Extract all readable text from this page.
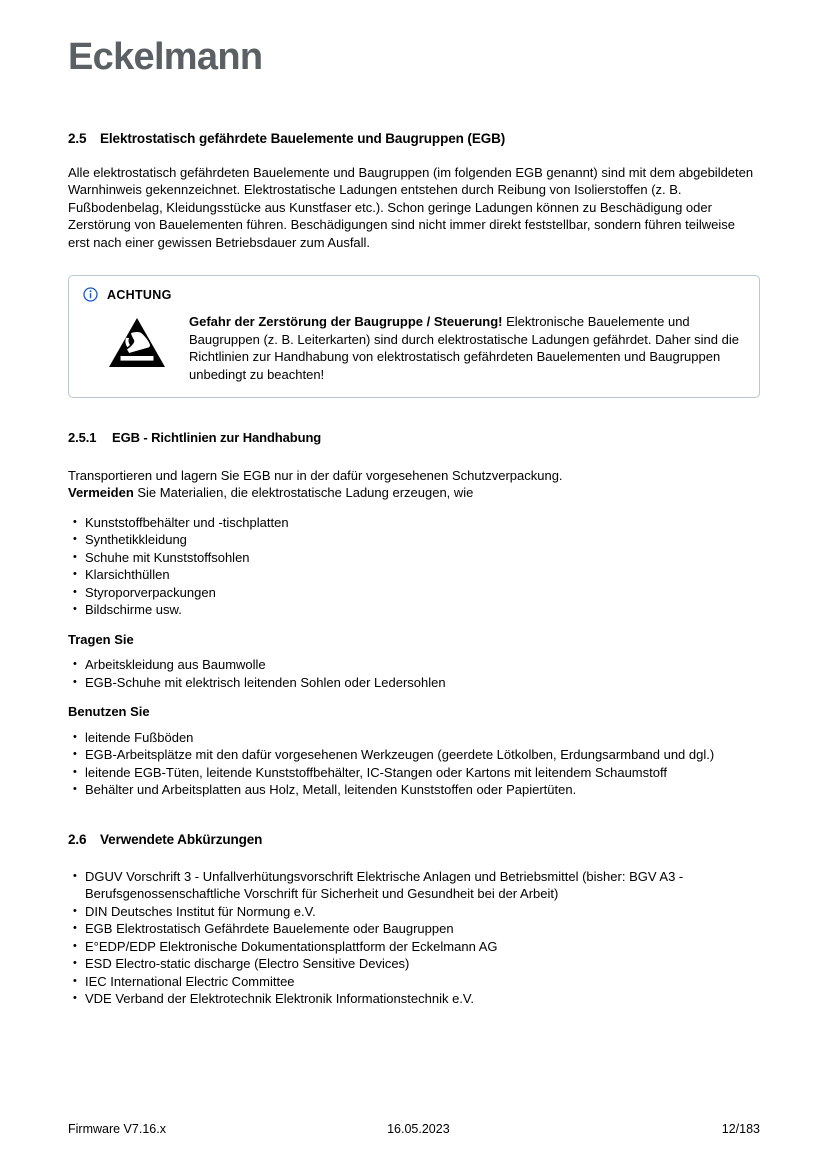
Eckelmann
2.5 Elektrostatisch gefährdete Bauelemente und Baugruppen (EGB)

Alle elektrostatisch gefährdeten Bauelemente und Baugruppen (im folgenden EGB genannt) sind mit dem abgebildeten Warnhinweis gekennzeichnet. Elektrostatische Ladungen entstehen durch Reibung von Isolierstoffen (z. B. Fußbodenbelag, Kleidungsstücke aus Kunstfaser etc.). Schon geringe Ladungen können zu Beschädigung oder Zerstörung von Bauelementen führen. Beschädigungen sind nicht immer direkt feststellbar, sondern führen teilweise erst nach einer gewissen Betriebsdauer zum Ausfall.

ACHTUNG
Gefahr der Zerstörung der Baugruppe / Steuerung! Elektronische Bauelemente und Baugruppen (z. B. Leiterkarten) sind durch elektrostatische Ladungen gefährdet. Daher sind die Richtlinien zur Handhabung von elektrostatisch gefährdeten Bauelementen und Baugruppen unbedingt zu beachten!
2.5.1 EGB - Richtlinien zur Handhabung

Transportieren und lagern Sie EGB nur in der dafür vorgesehenen Schutzverpackung.

Vermeiden Sie Materialien, die elektrostatische Ladung erzeugen, wie

• Kunststoffbehälter und -tischplatten
• Synthetikkleidung
• Schuhe mit Kunststoffsohlen
• Klarsichthüllen
• Styroporverpackungen
• Bildschirme usw.

Tragen Sie

• Arbeitskleidung aus Baumwolle
• EGB-Schuhe mit elektrisch leitenden Sohlen oder Ledersohlen

Benutzen Sie

• leitende Fußböden
• EGB-Arbeitsplätze mit den dafür vorgesehenen Werkzeugen (geerdete Lötkolben, Erdungsarmband und dgl.)
• leitende EGB-Tüten, leitende Kunststoffbehälter, IC-Stangen oder Kartons mit leitendem Schaumstoff
• Behälter und Arbeitsplatten aus Holz, Metall, leitenden Kunststoffen oder Papiertüten.
2.6 Verwendete Abkürzungen
• DGUV Vorschrift 3 - Unfallverhütungsvorschrift Elektrische Anlagen und Betriebsmittel (bisher: BGV A3 - Berufsgenossenschaftliche Vorschrift für Sicherheit und Gesundheit bei der Arbeit)
• DIN Deutsches Institut für Normung e.V.
• EGB Elektrostatisch Gefährdete Bauelemente oder Baugruppen
• E°EDP/EDP Elektronische Dokumentationsplattform der Eckelmann AG
• ESD Electro-static discharge (Electro Sensitive Devices)
• IEC International Electric Committee
• VDE Verband der Elektrotechnik Elektronik Informationstechnik e.V.
Firmware V7.16.x	16.05.2023	12/183
